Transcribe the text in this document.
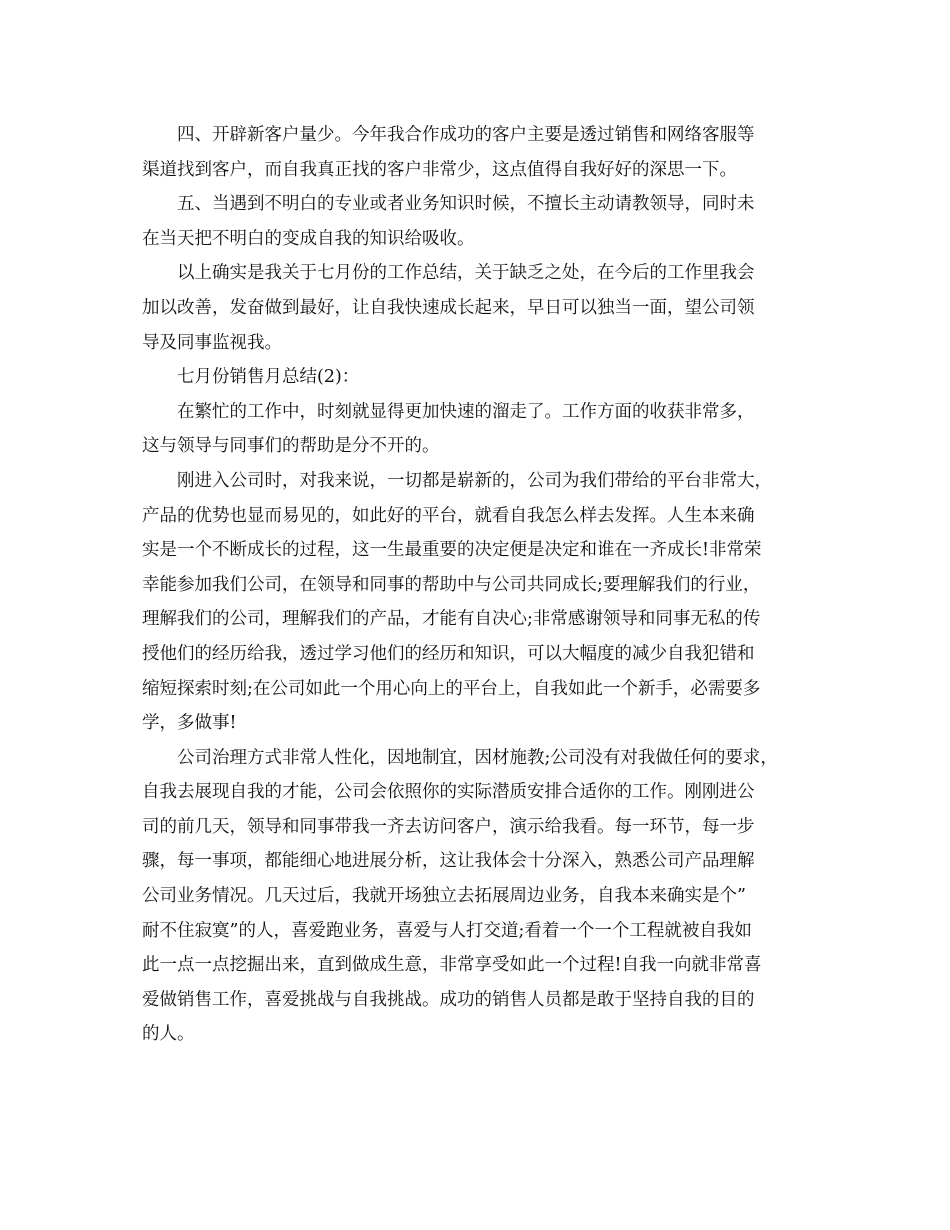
四、开辟新客户量少。今年我合作成功的客户主要是透过销售和网络客服等
渠道找到客户，而自我真正找的客户非常少，这点值得自我好好的深思一下。
五、当遇到不明白的专业或者业务知识时候，不擅长主动请教领导，同时未
在当天把不明白的变成自我的知识给吸收。
以上确实是我关于七月份的工作总结，关于缺乏之处，在今后的工作里我会
加以改善，发奋做到最好，让自我快速成长起来，早日可以独当一面，望公司领
导及同事监视我。
七月份销售月总结(2)：
在繁忙的工作中，时刻就显得更加快速的溜走了。工作方面的收获非常多，
这与领导与同事们的帮助是分不开的。
刚进入公司时，对我来说，一切都是崭新的，公司为我们带给的平台非常大，
产品的优势也显而易见的，如此好的平台，就看自我怎么样去发挥。人生本来确
实是一个不断成长的过程，这一生最重要的决定便是决定和谁在一齐成长!非常荣
幸能参加我们公司，在领导和同事的帮助中与公司共同成长;要理解我们的行业，
理解我们的公司，理解我们的产品，才能有自决心;非常感谢领导和同事无私的传
授他们的经历给我，透过学习他们的经历和知识，可以大幅度的减少自我犯错和
缩短探索时刻;在公司如此一个用心向上的平台上，自我如此一个新手，必需要多
学，多做事!
公司治理方式非常人性化，因地制宜，因材施教;公司没有对我做任何的要求，
自我去展现自我的才能，公司会依照你的实际潜质安排合适你的工作。刚刚进公
司的前几天，领导和同事带我一齐去访问客户，演示给我看。每一环节，每一步
骤，每一事项，都能细心地进展分析，这让我体会十分深入，熟悉公司产品理解
公司业务情况。几天过后，我就开场独立去拓展周边业务，自我本来确实是个”
耐不住寂寞”的人，喜爱跑业务，喜爱与人打交道;看着一个一个工程就被自我如
此一点一点挖掘出来，直到做成生意，非常享受如此一个过程!自我一向就非常喜
爱做销售工作，喜爱挑战与自我挑战。成功的销售人员都是敢于坚持自我的目的
的人。
